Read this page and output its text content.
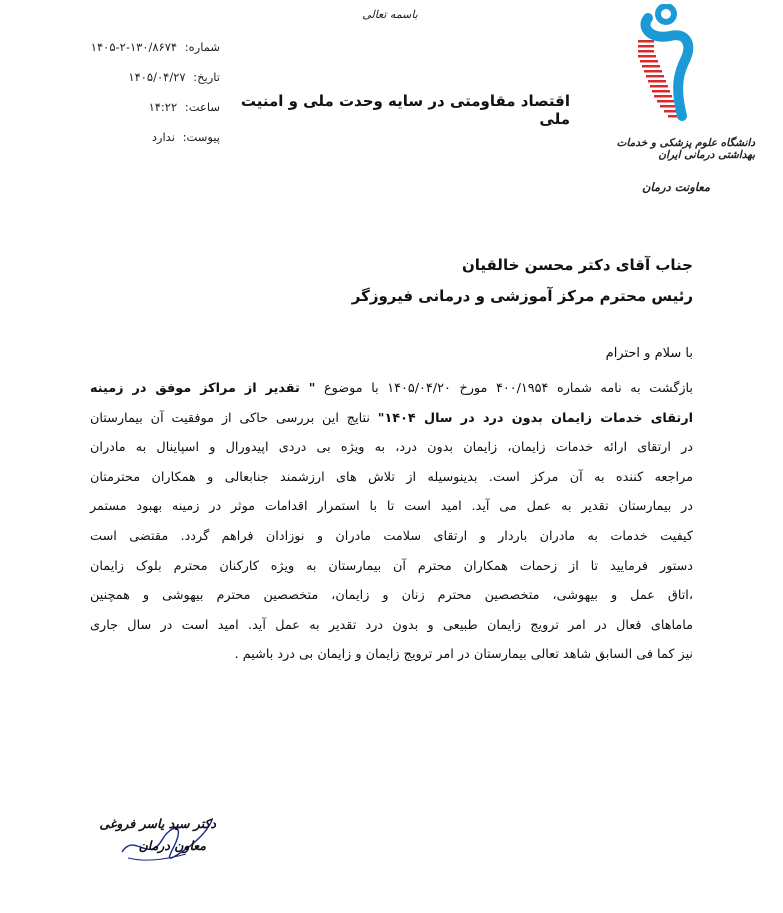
باسمه تعالی
شماره: ۱۴۰۵-۲-۱۳۰/۸۶۷۴
تاریخ: ۱۴۰۵/۰۴/۲۷
ساعت: ۱۴:۲۲
پیوست: ندارد
اقتصاد مقاومتی در سایه وحدت ملی و امنیت ملی
دانشگاه علوم پزشکی و خدمات بهداشتی درمانی ایران
معاونت درمان
جناب آقای دکتر محسن خالقیان
رئیس محترم مرکز آموزشی و درمانی فیروزگر
با سلام و احترام
بازگشت به نامه شماره ۴۰۰/۱۹۵۴ مورخ ۱۴۰۵/۰۴/۲۰ با موضوع " تقدیر از مراکز موفق در زمینه
ارتقای خدمات زایمان بدون درد در سال ۱۴۰۴" نتایج این بررسی حاکی از موفقیت آن بیمارستان
در ارتقای ارائه خدمات زایمان، زایمان بدون درد، به ویژه بی دردی اپیدورال و اسپاینال به مادران
مراجعه کننده به آن مرکز است. بدینوسیله از تلاش های ارزشمند جنابعالی و همکاران محترمتان
در بیمارستان تقدیر به عمل می آید. امید است تا با استمرار اقدامات موثر در زمینه بهبود مستمر
کیفیت خدمات به مادران باردار و ارتقای سلامت مادران و نوزادان فراهم گردد. مقتضی است
دستور فرمایید تا از زحمات همکاران محترم آن بیمارستان به ویژه کارکنان محترم بلوک زایمان
،اتاق عمل و بیهوشی، متخصصین محترم زنان و زایمان، متخصصین محترم بیهوشی و همچنین
ماماهای فعال در امر ترویج زایمان طبیعی و بدون درد تقدیر به عمل آید. امید است در سال جاری
نیز کما فی السابق شاهد تعالی بیمارستان در امر ترویج زایمان و زایمان بی درد باشیم .
دکتر سید یاسر فروغی
معاون درمان
